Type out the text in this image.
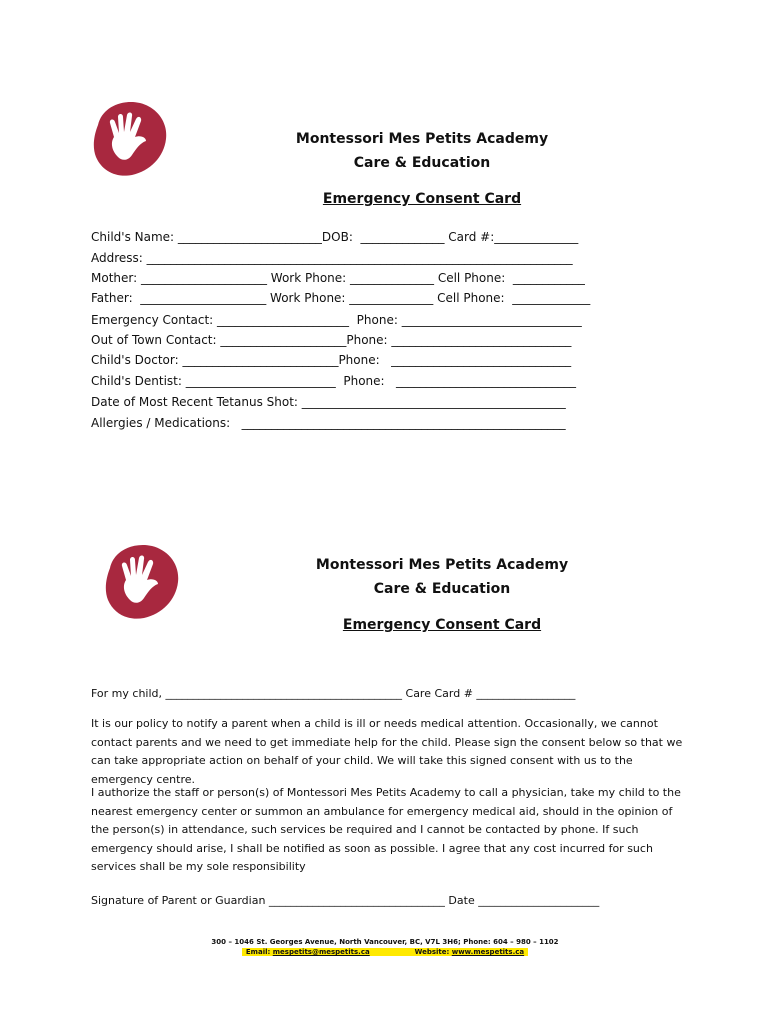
Montessori Mes Petits Academy
Care & Education
Emergency Consent Card
Child's Name: ________________________DOB:  ______________ Card #:______________
Address: _______________________________________________________________________
Mother: _____________________ Work Phone: ______________ Cell Phone:  ____________
Father:  _____________________ Work Phone: ______________ Cell Phone:  _____________
Emergency Contact: ______________________  Phone: ______________________________
Out of Town Contact: _____________________Phone: ______________________________
Child's Doctor: __________________________Phone:   ______________________________
Child's Dentist: _________________________  Phone:   ______________________________
Date of Most Recent Tetanus Shot: ____________________________________________
Allergies / Medications:   ______________________________________________________
Montessori Mes Petits Academy
Care & Education
Emergency Consent Card
For my child, ___________________________________________ Care Card # __________________
It is our policy to notify a parent when a child is ill or needs medical attention. Occasionally, we cannot contact parents and we need to get immediate help for the child. Please sign the consent below so that we can take appropriate action on behalf of your child. We will take this signed consent with us to the emergency centre.
I authorize the staff or person(s) of Montessori Mes Petits Academy to call a physician, take my child to the nearest emergency center or summon an ambulance for emergency medical aid, should in the opinion of the person(s) in attendance, such services be required and I cannot be contacted by phone. If such emergency should arise, I shall be notified as soon as possible. I agree that any cost incurred for such services shall be my sole responsibility
Signature of Parent or Guardian ________________________________ Date ______________________
300 – 1046 St. Georges Avenue, North Vancouver, BC, V7L 3H6; Phone: 604 – 980 – 1102
Email: mespetits@mespetits.ca	Website: www.mespetits.ca
